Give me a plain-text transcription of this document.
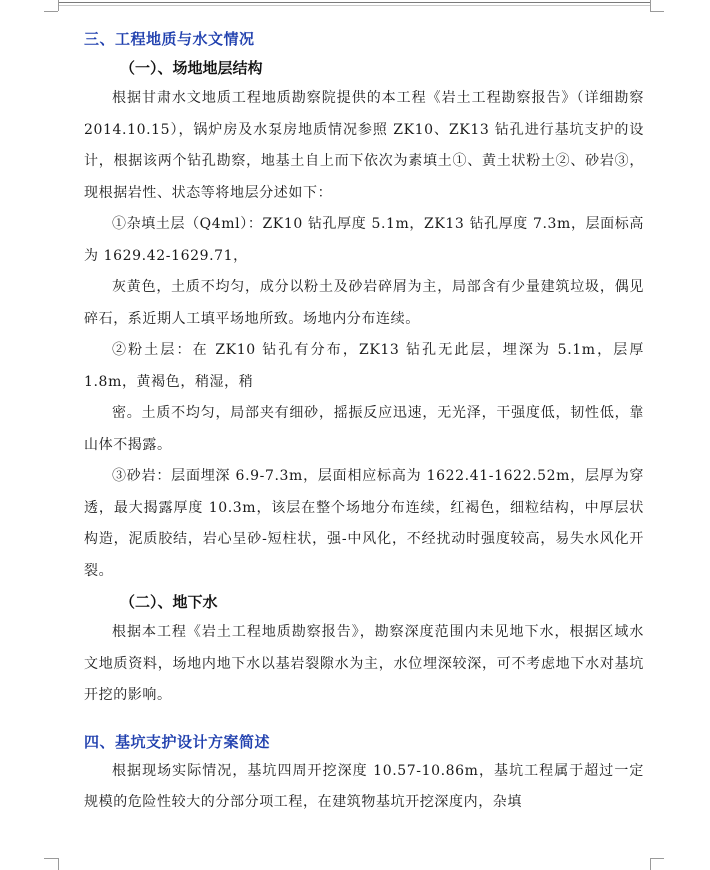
三、工程地质与水文情况
（一）、场地地层结构

根据甘肃水文地质工程地质勘察院提供的本工程《岩土工程勘察报告》（详细勘察 2014.10.15），锅炉房及水泵房地质情况参照 ZK10、ZK13 钻孔进行基坑支护的设计，根据该两个钻孔勘察，地基土自上而下依次为素填土①、黄土状粉土②、砂岩③，现根据岩性、状态等将地层分述如下：

①杂填土层（Q4ml）：ZK10 钻孔厚度 5.1m，ZK13 钻孔厚度 7.3m，层面标高为 1629.42-1629.71，

灰黄色，土质不均匀，成分以粉土及砂岩碎屑为主，局部含有少量建筑垃圾，偶见碎石，系近期人工填平场地所致。场地内分布连续。

②粉土层：在 ZK10 钻孔有分布，ZK13 钻孔无此层，埋深为 5.1m，层厚 1.8m，黄褐色，稍湿，稍

密。土质不均匀，局部夹有细砂，摇振反应迅速，无光泽，干强度低，韧性低，靠山体不揭露。

③砂岩：层面埋深 6.9-7.3m，层面相应标高为 1622.41-1622.52m，层厚为穿透，最大揭露厚度 10.3m，该层在整个场地分布连续，红褐色，细粒结构，中厚层状构造，泥质胶结，岩心呈砂-短柱状，强-中风化，不经扰动时强度较高，易失水风化开裂。

（二）、地下水

根据本工程《岩土工程地质勘察报告》，勘察深度范围内未见地下水，根据区域水文地质资料，场地内地下水以基岩裂隙水为主，水位埋深较深，可不考虑地下水对基坑开挖的影响。

四、基坑支护设计方案简述

根据现场实际情况，基坑四周开挖深度 10.57-10.86m，基坑工程属于超过一定规模的危险性较大的分部分项工程，在建筑物基坑开挖深度内，杂填
